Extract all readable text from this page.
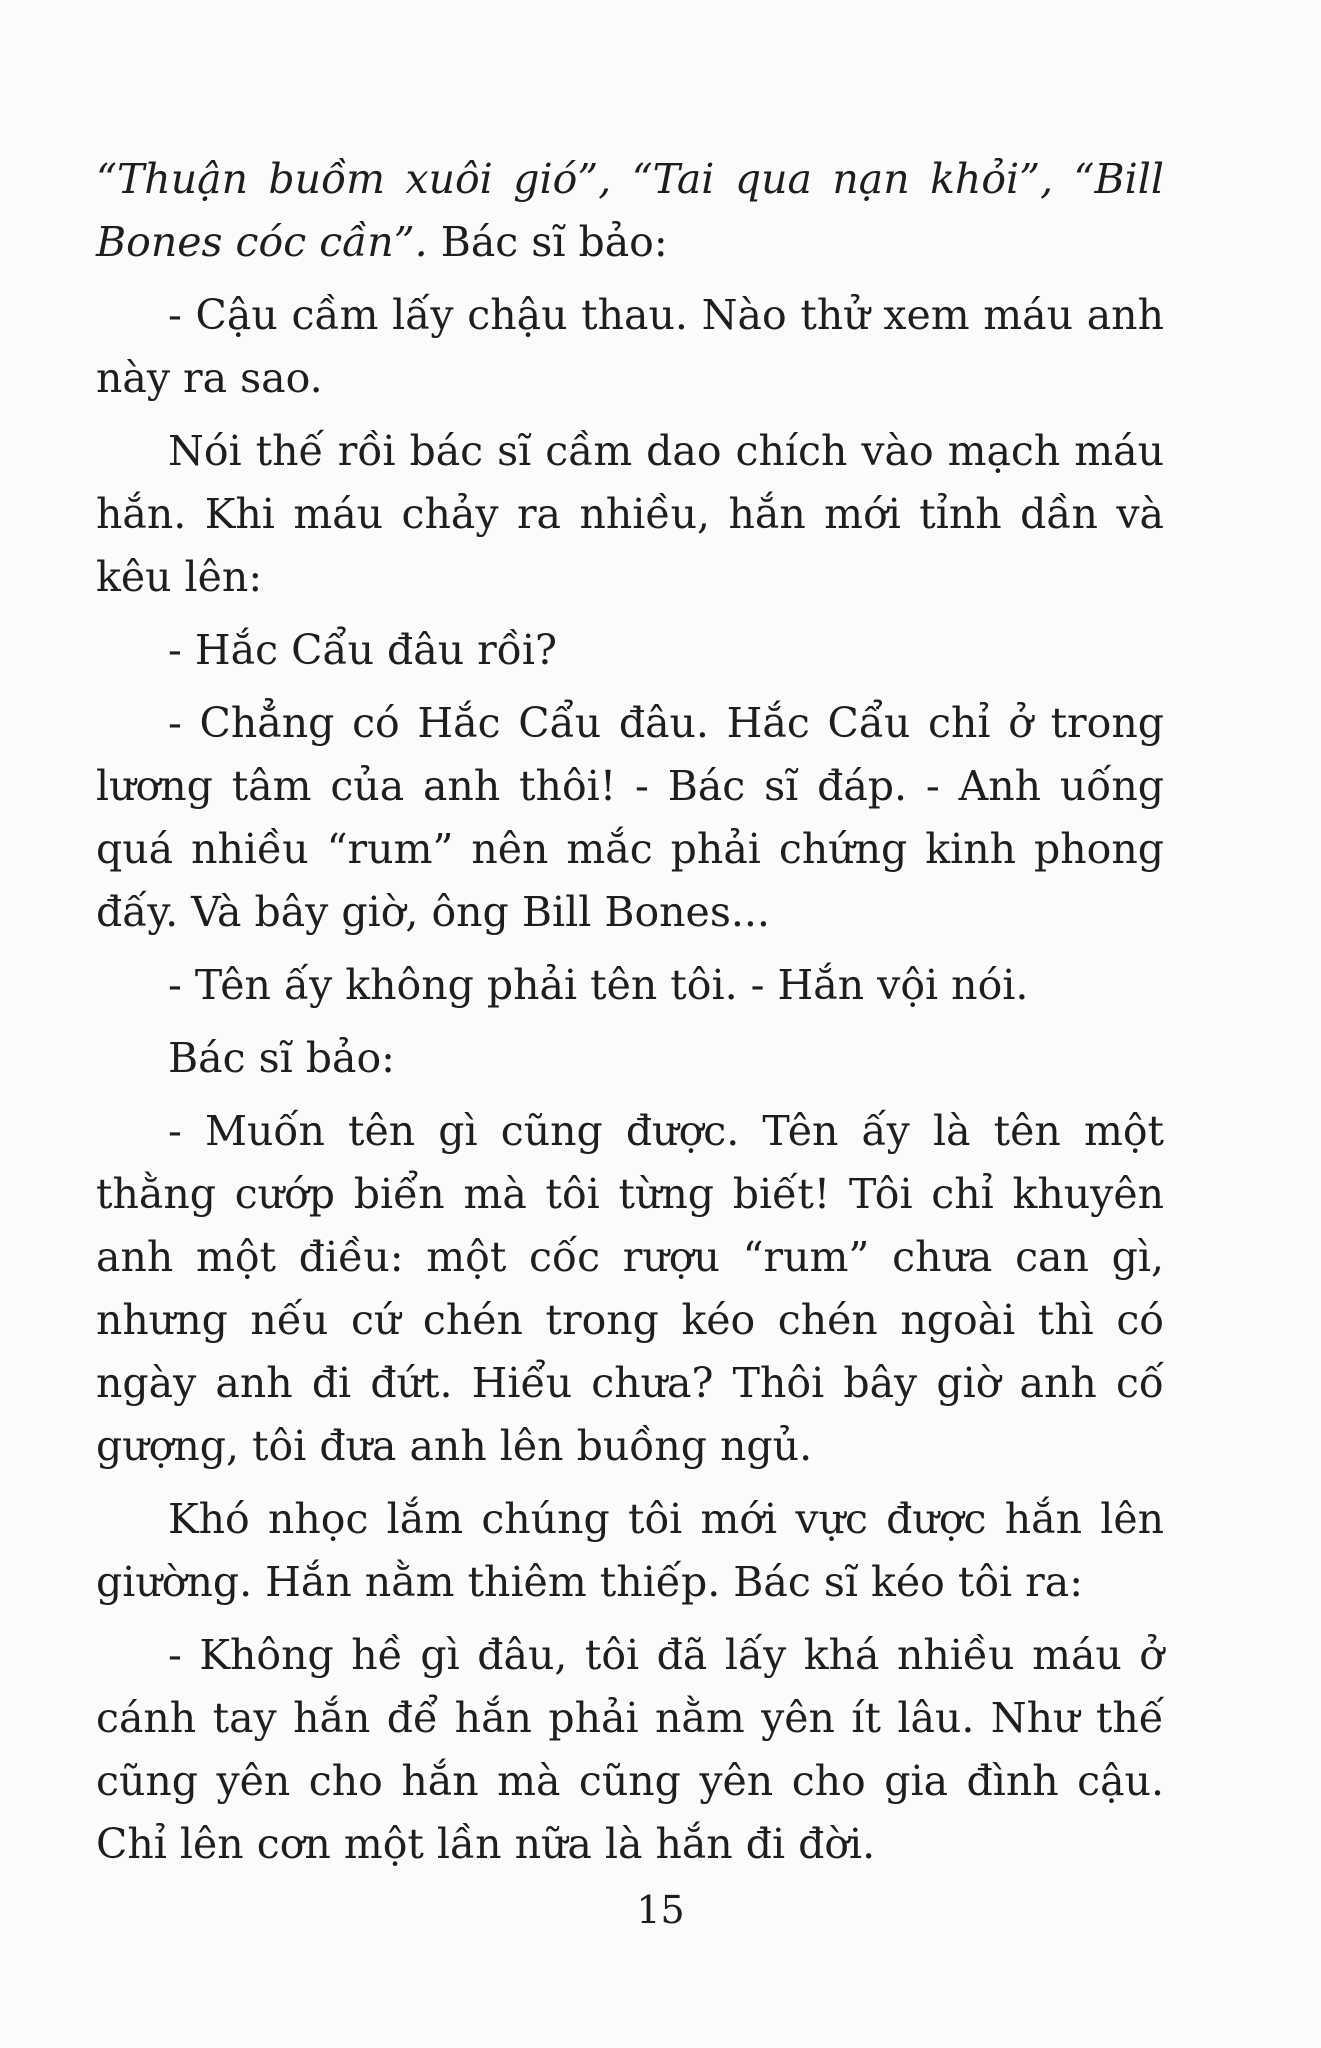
“Thuận buồm xuôi gió”, “Tai qua nạn khỏi”, “Bill Bones cóc cần”. Bác sĩ bảo:

- Cậu cầm lấy chậu thau. Nào thử xem máu anh này ra sao.

Nói thế rồi bác sĩ cầm dao chích vào mạch máu hắn. Khi máu chảy ra nhiều, hắn mới tỉnh dần và kêu lên:

- Hắc Cẩu đâu rồi?

- Chẳng có Hắc Cẩu đâu. Hắc Cẩu chỉ ở trong lương tâm của anh thôi! - Bác sĩ đáp. - Anh uống quá nhiều “rum” nên mắc phải chứng kinh phong đấy. Và bây giờ, ông Bill Bones...

- Tên ấy không phải tên tôi. - Hắn vội nói.

Bác sĩ bảo:

- Muốn tên gì cũng được. Tên ấy là tên một thằng cướp biển mà tôi từng biết! Tôi chỉ khuyên anh một điều: một cốc rượu “rum” chưa can gì, nhưng nếu cứ chén trong kéo chén ngoài thì có ngày anh đi đứt. Hiểu chưa? Thôi bây giờ anh cố gượng, tôi đưa anh lên buồng ngủ.

Khó nhọc lắm chúng tôi mới vực được hắn lên giường. Hắn nằm thiêm thiếp. Bác sĩ kéo tôi ra:

- Không hề gì đâu, tôi đã lấy khá nhiều máu ở cánh tay hắn để hắn phải nằm yên ít lâu. Như thế cũng yên cho hắn mà cũng yên cho gia đình cậu. Chỉ lên cơn một lần nữa là hắn đi đời.

15
